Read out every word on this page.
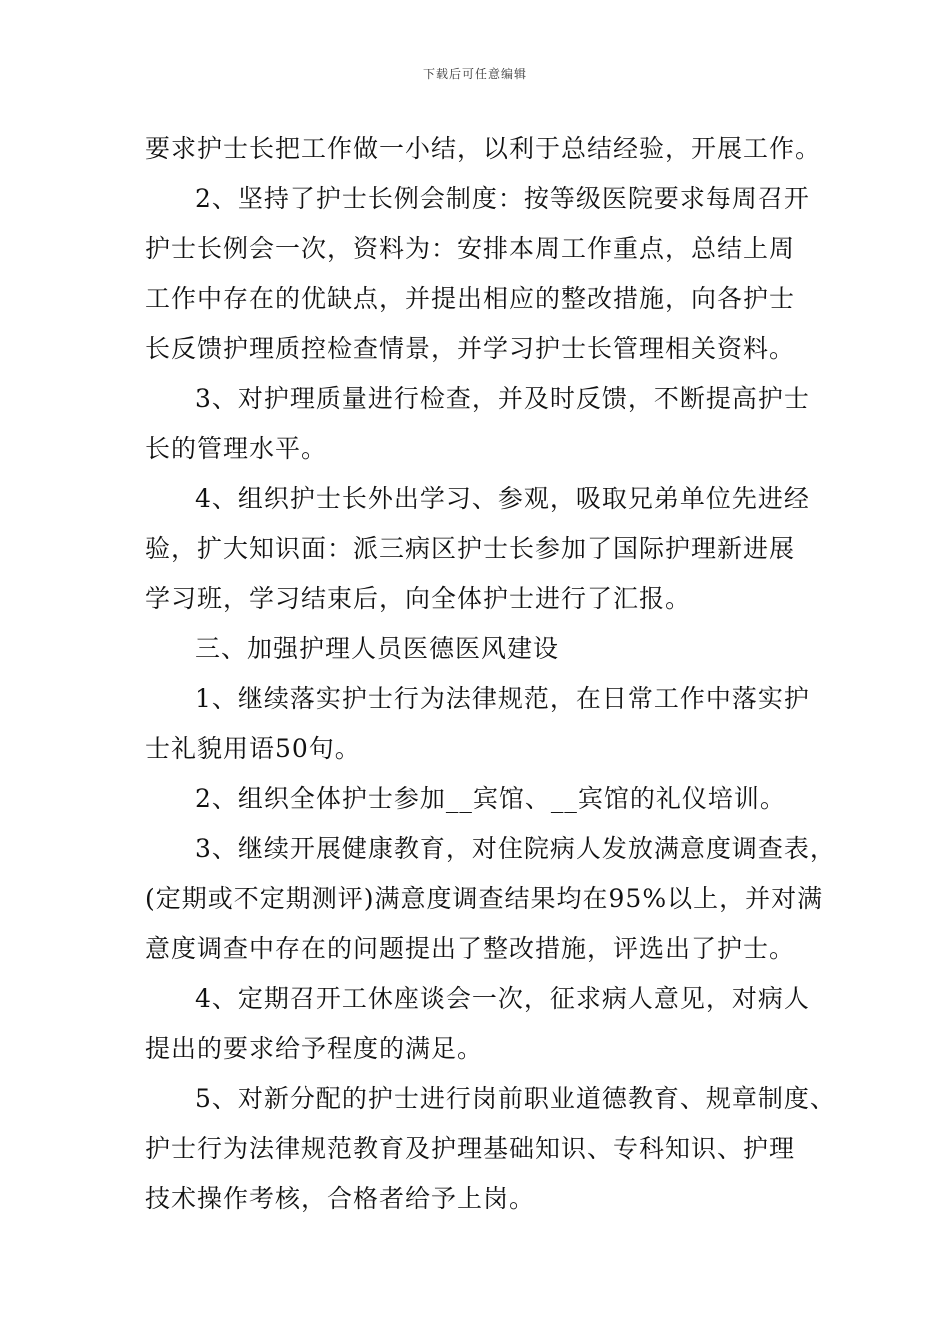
下载后可任意编辑
要求护士长把工作做一小结，以利于总结经验，开展工作。
2、坚持了护士长例会制度：按等级医院要求每周召开
护士长例会一次，资料为：安排本周工作重点，总结上周
工作中存在的优缺点，并提出相应的整改措施，向各护士
长反馈护理质控检查情景，并学习护士长管理相关资料。
3、对护理质量进行检查，并及时反馈，不断提高护士
长的管理水平。
4、组织护士长外出学习、参观，吸取兄弟单位先进经
验，扩大知识面：派三病区护士长参加了国际护理新进展
学习班，学习结束后，向全体护士进行了汇报。
三、加强护理人员医德医风建设
1、继续落实护士行为法律规范，在日常工作中落实护
士礼貌用语50句。
2、组织全体护士参加__宾馆、__宾馆的礼仪培训。
3、继续开展健康教育，对住院病人发放满意度调查表，
(定期或不定期测评)满意度调查结果均在95%以上，并对满
意度调查中存在的问题提出了整改措施，评选出了护士。
4、定期召开工休座谈会一次，征求病人意见，对病人
提出的要求给予程度的满足。
5、对新分配的护士进行岗前职业道德教育、规章制度、
护士行为法律规范教育及护理基础知识、专科知识、护理
技术操作考核，合格者给予上岗。
